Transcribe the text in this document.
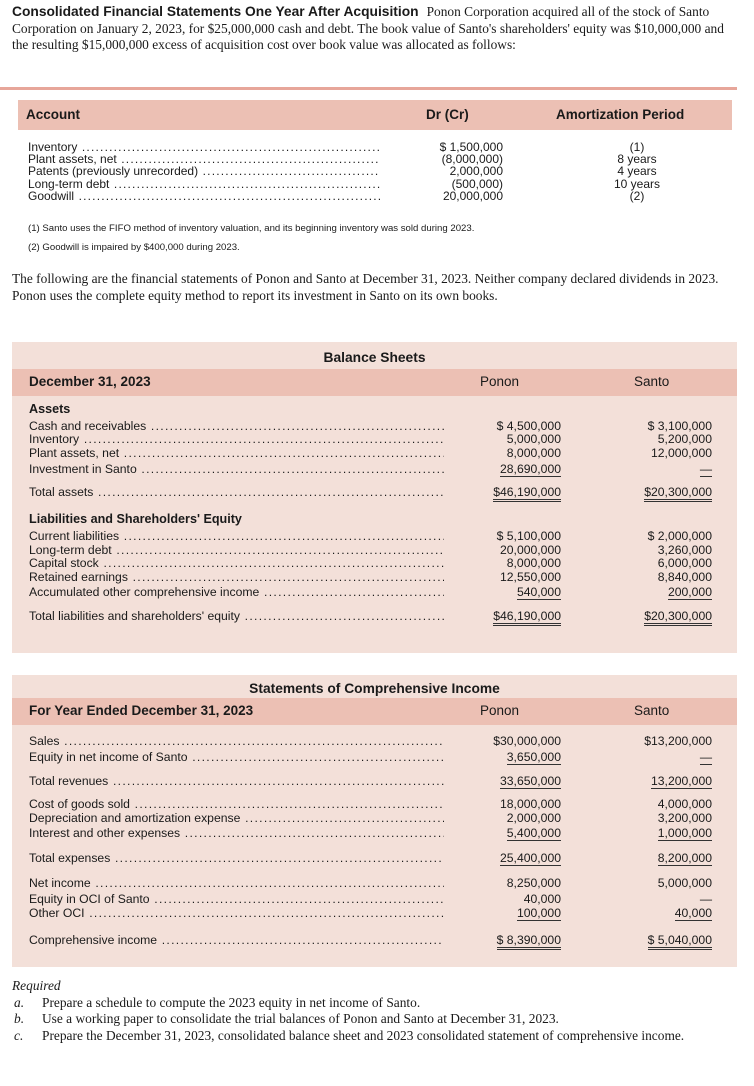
Consolidated Financial Statements One Year After Acquisition Ponon Corporation acquired all of the stock of Santo Corporation on January 2, 2023, for $25,000,000 cash and debt. The book value of Santo's shareholders' equity was $10,000,000 and the resulting $15,000,000 excess of acquisition cost over book value was allocated as follows:
Account	Dr (Cr)	Amortization Period
Inventory .....	$ 1,500,000	(1)
Plant assets, net .....	(8,000,000)	8 years
Patents (previously unrecorded) .....	2,000,000	4 years
Long-term debt .....	(500,000)	10 years
Goodwill .....	20,000,000	(2)
(1) Santo uses the FIFO method of inventory valuation, and its beginning inventory was sold during 2023.
(2) Goodwill is impaired by $400,000 during 2023.
The following are the financial statements of Ponon and Santo at December 31, 2023. Neither company declared dividends in 2023. Ponon uses the complete equity method to report its investment in Santo on its own books.
Balance Sheets
December 31, 2023	Ponon	Santo
Assets
Cash and receivables .....	$ 4,500,000	$ 3,100,000
Inventory .....	5,000,000	5,200,000
Plant assets, net .....	8,000,000	12,000,000
Investment in Santo .....	28,690,000	—
Total assets .....	$46,190,000	$20,300,000
Liabilities and Shareholders' Equity
Current liabilities .....	$ 5,100,000	$ 2,000,000
Long-term debt .....	20,000,000	3,260,000
Capital stock .....	8,000,000	6,000,000
Retained earnings .....	12,550,000	8,840,000
Accumulated other comprehensive income .....	540,000	200,000
Total liabilities and shareholders' equity .....	$46,190,000	$20,300,000
Statements of Comprehensive Income
For Year Ended December 31, 2023	Ponon	Santo
Sales .....	$30,000,000	$13,200,000
Equity in net income of Santo .....	3,650,000	—
Total revenues .....	33,650,000	13,200,000
Cost of goods sold .....	18,000,000	4,000,000
Depreciation and amortization expense .....	2,000,000	3,200,000
Interest and other expenses .....	5,400,000	1,000,000
Total expenses .....	25,400,000	8,200,000
Net income .....	8,250,000	5,000,000
Equity in OCI of Santo .....	40,000	—
Other OCI .....	100,000	40,000
Comprehensive income .....	$ 8,390,000	$ 5,040,000
Required
a. Prepare a schedule to compute the 2023 equity in net income of Santo.
b. Use a working paper to consolidate the trial balances of Ponon and Santo at December 31, 2023.
c. Prepare the December 31, 2023, consolidated balance sheet and 2023 consolidated statement of comprehensive income.
